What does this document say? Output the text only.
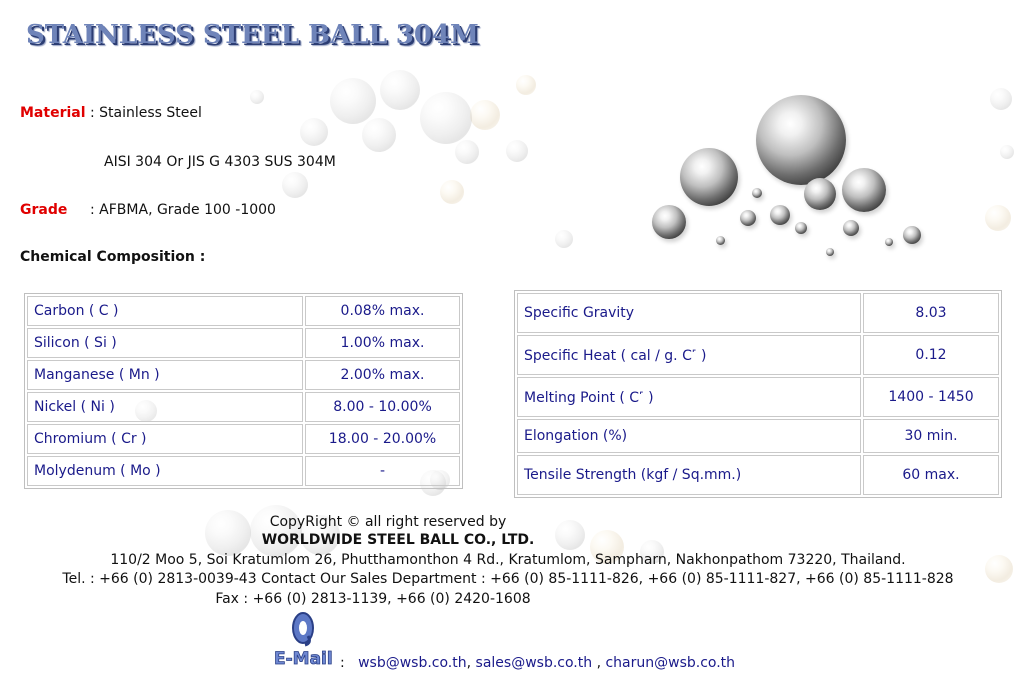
STAINLESS STEEL BALL 304M
Material : Stainless Steel
AISI 304 Or JIS G 4303 SUS 304M
Grade : AFBMA, Grade 100 -1000
Chemical Composition :
Carbon ( C )	0.08% max.
Silicon ( Si )	1.00% max.
Manganese ( Mn )	2.00% max.
Nickel ( Ni )	8.00 - 10.00%
Chromium ( Cr )	18.00 - 20.00%
Molydenum ( Mo )	-
Specific Gravity	8.03
Specific Heat ( cal / g. C˹ )	0.12
Melting Point ( C˹ )	1400 - 1450
Elongation (%)	30 min.
Tensile Strength (kgf / Sq.mm.)	60 max.
CopyRight © all right reserved by
WORLDWIDE STEEL BALL CO., LTD.
110/2 Moo 5, Soi Kratumlom 26, Phutthamonthon 4 Rd., Kratumlom, Sampharn, Nakhonpathom 73220, Thailand.
Tel. : +66 (0) 2813-0039-43 Contact Our Sales Department : +66 (0) 85-1111-826, +66 (0) 85-1111-827, +66 (0) 85-1111-828
Fax : +66 (0) 2813-1139, +66 (0) 2420-1608
E-Mail : wsb@wsb.co.th, sales@wsb.co.th , charun@wsb.co.th
